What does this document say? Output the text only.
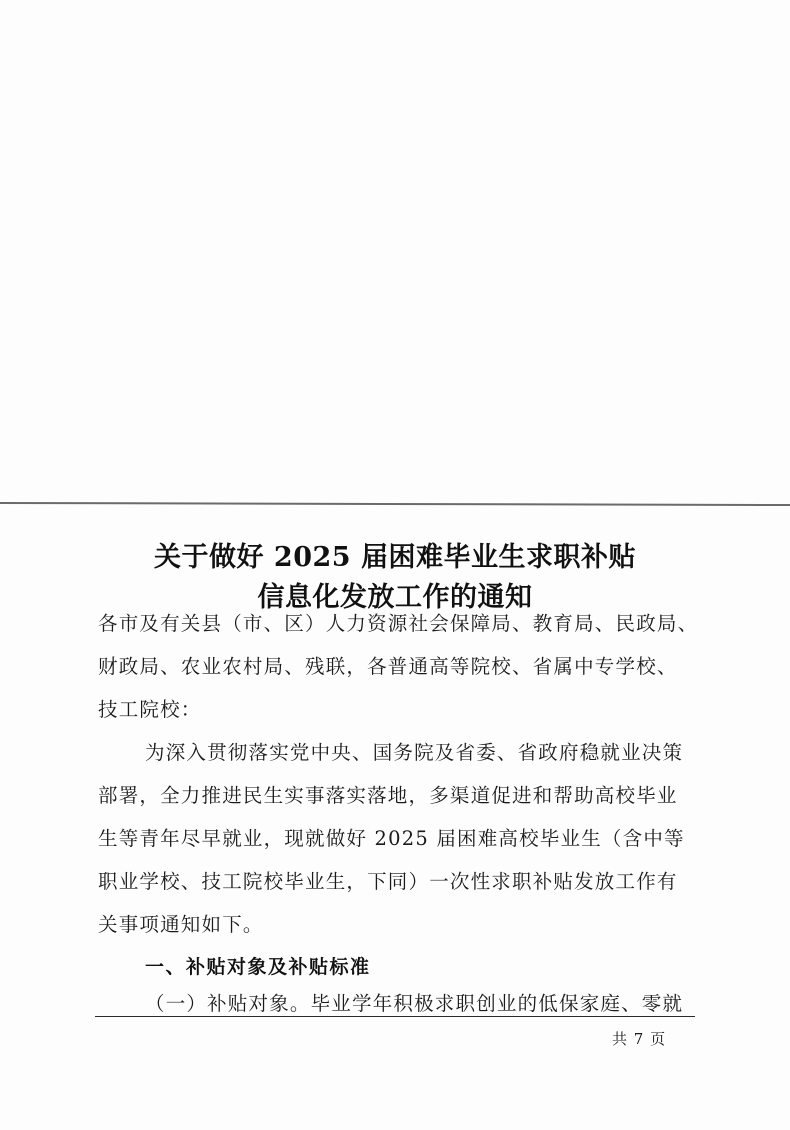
关于做好 2025 届困难毕业生求职补贴
信息化发放工作的通知
各市及有关县（市、区）人力资源社会保障局、教育局、民政局、
财政局、农业农村局、残联，各普通高等院校、省属中专学校、
技工院校：
为深入贯彻落实党中央、国务院及省委、省政府稳就业决策
部署，全力推进民生实事落实落地，多渠道促进和帮助高校毕业
生等青年尽早就业，现就做好 2025 届困难高校毕业生（含中等
职业学校、技工院校毕业生，下同）一次性求职补贴发放工作有
关事项通知如下。
一、补贴对象及补贴标准
（一）补贴对象。毕业学年积极求职创业的低保家庭、零就
共 7 页
